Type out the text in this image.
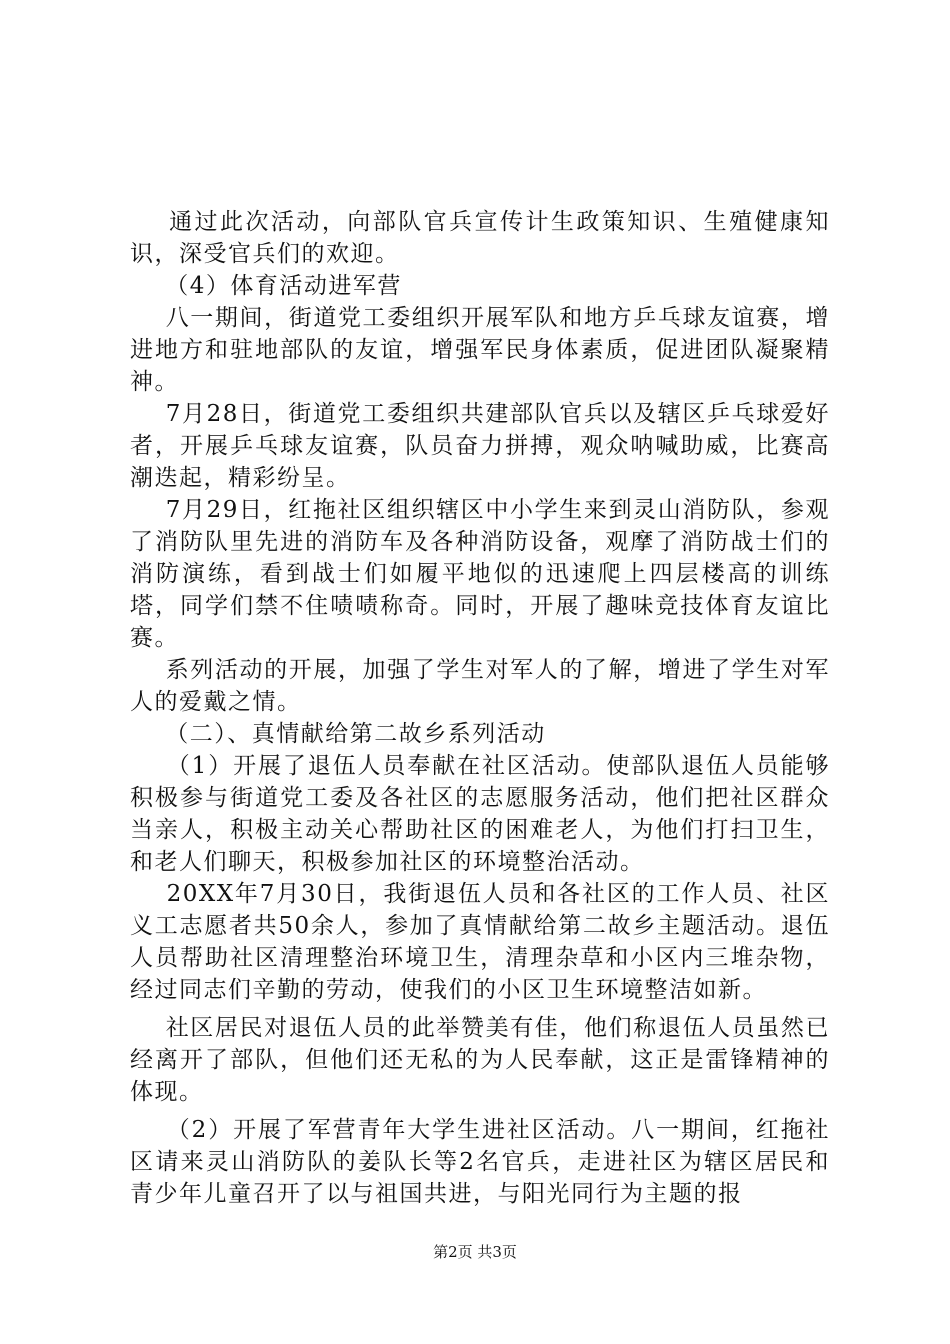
通过此次活动，向部队官兵宣传计生政策知识、生殖健康知识，深受官兵们的欢迎。

（4）体育活动进军营

八一期间，街道党工委组织开展军队和地方乒乓球友谊赛，增进地方和驻地部队的友谊，增强军民身体素质，促进团队凝聚精神。

7月28日，街道党工委组织共建部队官兵以及辖区乒乓球爱好者，开展乒乓球友谊赛，队员奋力拼搏，观众呐喊助威，比赛高潮迭起，精彩纷呈。

7月29日，红拖社区组织辖区中小学生来到灵山消防队，参观了消防队里先进的消防车及各种消防设备，观摩了消防战士们的消防演练，看到战士们如履平地似的迅速爬上四层楼高的训练塔，同学们禁不住啧啧称奇。同时，开展了趣味竞技体育友谊比赛。

系列活动的开展，加强了学生对军人的了解，增进了学生对军人的爱戴之情。

（二）、真情献给第二故乡系列活动

（1）开展了退伍人员奉献在社区活动。使部队退伍人员能够积极参与街道党工委及各社区的志愿服务活动，他们把社区群众当亲人，积极主动关心帮助社区的困难老人，为他们打扫卫生，和老人们聊天，积极参加社区的环境整治活动。

20XX年7月30日，我街退伍人员和各社区的工作人员、社区义工志愿者共50余人，参加了真情献给第二故乡主题活动。退伍人员帮助社区清理整治环境卫生，清理杂草和小区内三堆杂物，经过同志们辛勤的劳动，使我们的小区卫生环境整洁如新。

社区居民对退伍人员的此举赞美有佳，他们称退伍人员虽然已经离开了部队，但他们还无私的为人民奉献，这正是雷锋精神的体现。

（2）开展了军营青年大学生进社区活动。八一期间，红拖社区请来灵山消防队的姜队长等2名官兵，走进社区为辖区居民和青少年儿童召开了以与祖国共进，与阳光同行为主题的报

第2页 共3页
